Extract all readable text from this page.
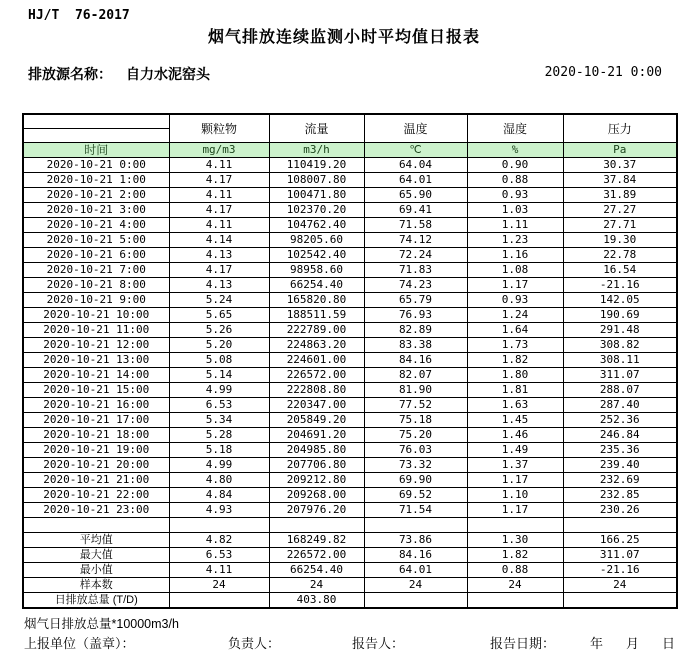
HJ/T  76-2017
烟气排放连续监测小时平均值日报表
排放源名称： 自力水泥窑头	2020-10-21 0:00
	颗粒物	流量	温度	湿度	压力

时间	mg/m3	m3/h	℃	%	Pa
2020-10-21 0:00	4.11	110419.20	64.04	0.90	30.37
2020-10-21 1:00	4.17	108007.80	64.01	0.88	37.84
2020-10-21 2:00	4.11	100471.80	65.90	0.93	31.89
2020-10-21 3:00	4.17	102370.20	69.41	1.03	27.27
2020-10-21 4:00	4.11	104762.40	71.58	1.11	27.71
2020-10-21 5:00	4.14	98205.60	74.12	1.23	19.30
2020-10-21 6:00	4.13	102542.40	72.24	1.16	22.78
2020-10-21 7:00	4.17	98958.60	71.83	1.08	16.54
2020-10-21 8:00	4.13	66254.40	74.23	1.17	-21.16
2020-10-21 9:00	5.24	165820.80	65.79	0.93	142.05
2020-10-21 10:00	5.65	188511.59	76.93	1.24	190.69
2020-10-21 11:00	5.26	222789.00	82.89	1.64	291.48
2020-10-21 12:00	5.20	224863.20	83.38	1.73	308.82
2020-10-21 13:00	5.08	224601.00	84.16	1.82	308.11
2020-10-21 14:00	5.14	226572.00	82.07	1.80	311.07
2020-10-21 15:00	4.99	222808.80	81.90	1.81	288.07
2020-10-21 16:00	6.53	220347.00	77.52	1.63	287.40
2020-10-21 17:00	5.34	205849.20	75.18	1.45	252.36
2020-10-21 18:00	5.28	204691.20	75.20	1.46	246.84
2020-10-21 19:00	5.18	204985.80	76.03	1.49	235.36
2020-10-21 20:00	4.99	207706.80	73.32	1.37	239.40
2020-10-21 21:00	4.80	209212.80	69.90	1.17	232.69
2020-10-21 22:00	4.84	209268.00	69.52	1.10	232.85
2020-10-21 23:00	4.93	207976.20	71.54	1.17	230.26

平均值	4.82	168249.82	73.86	1.30	166.25
最大值	6.53	226572.00	84.16	1.82	311.07
最小值	4.11	66254.40	64.01	0.88	-21.16
样本数	24	24	24	24	24
日排放总量 (T/D)		403.80			
烟气日排放总量*10000m3/h
上报单位（盖章）：	负责人：	报告人：	报告日期：	年 月 日
